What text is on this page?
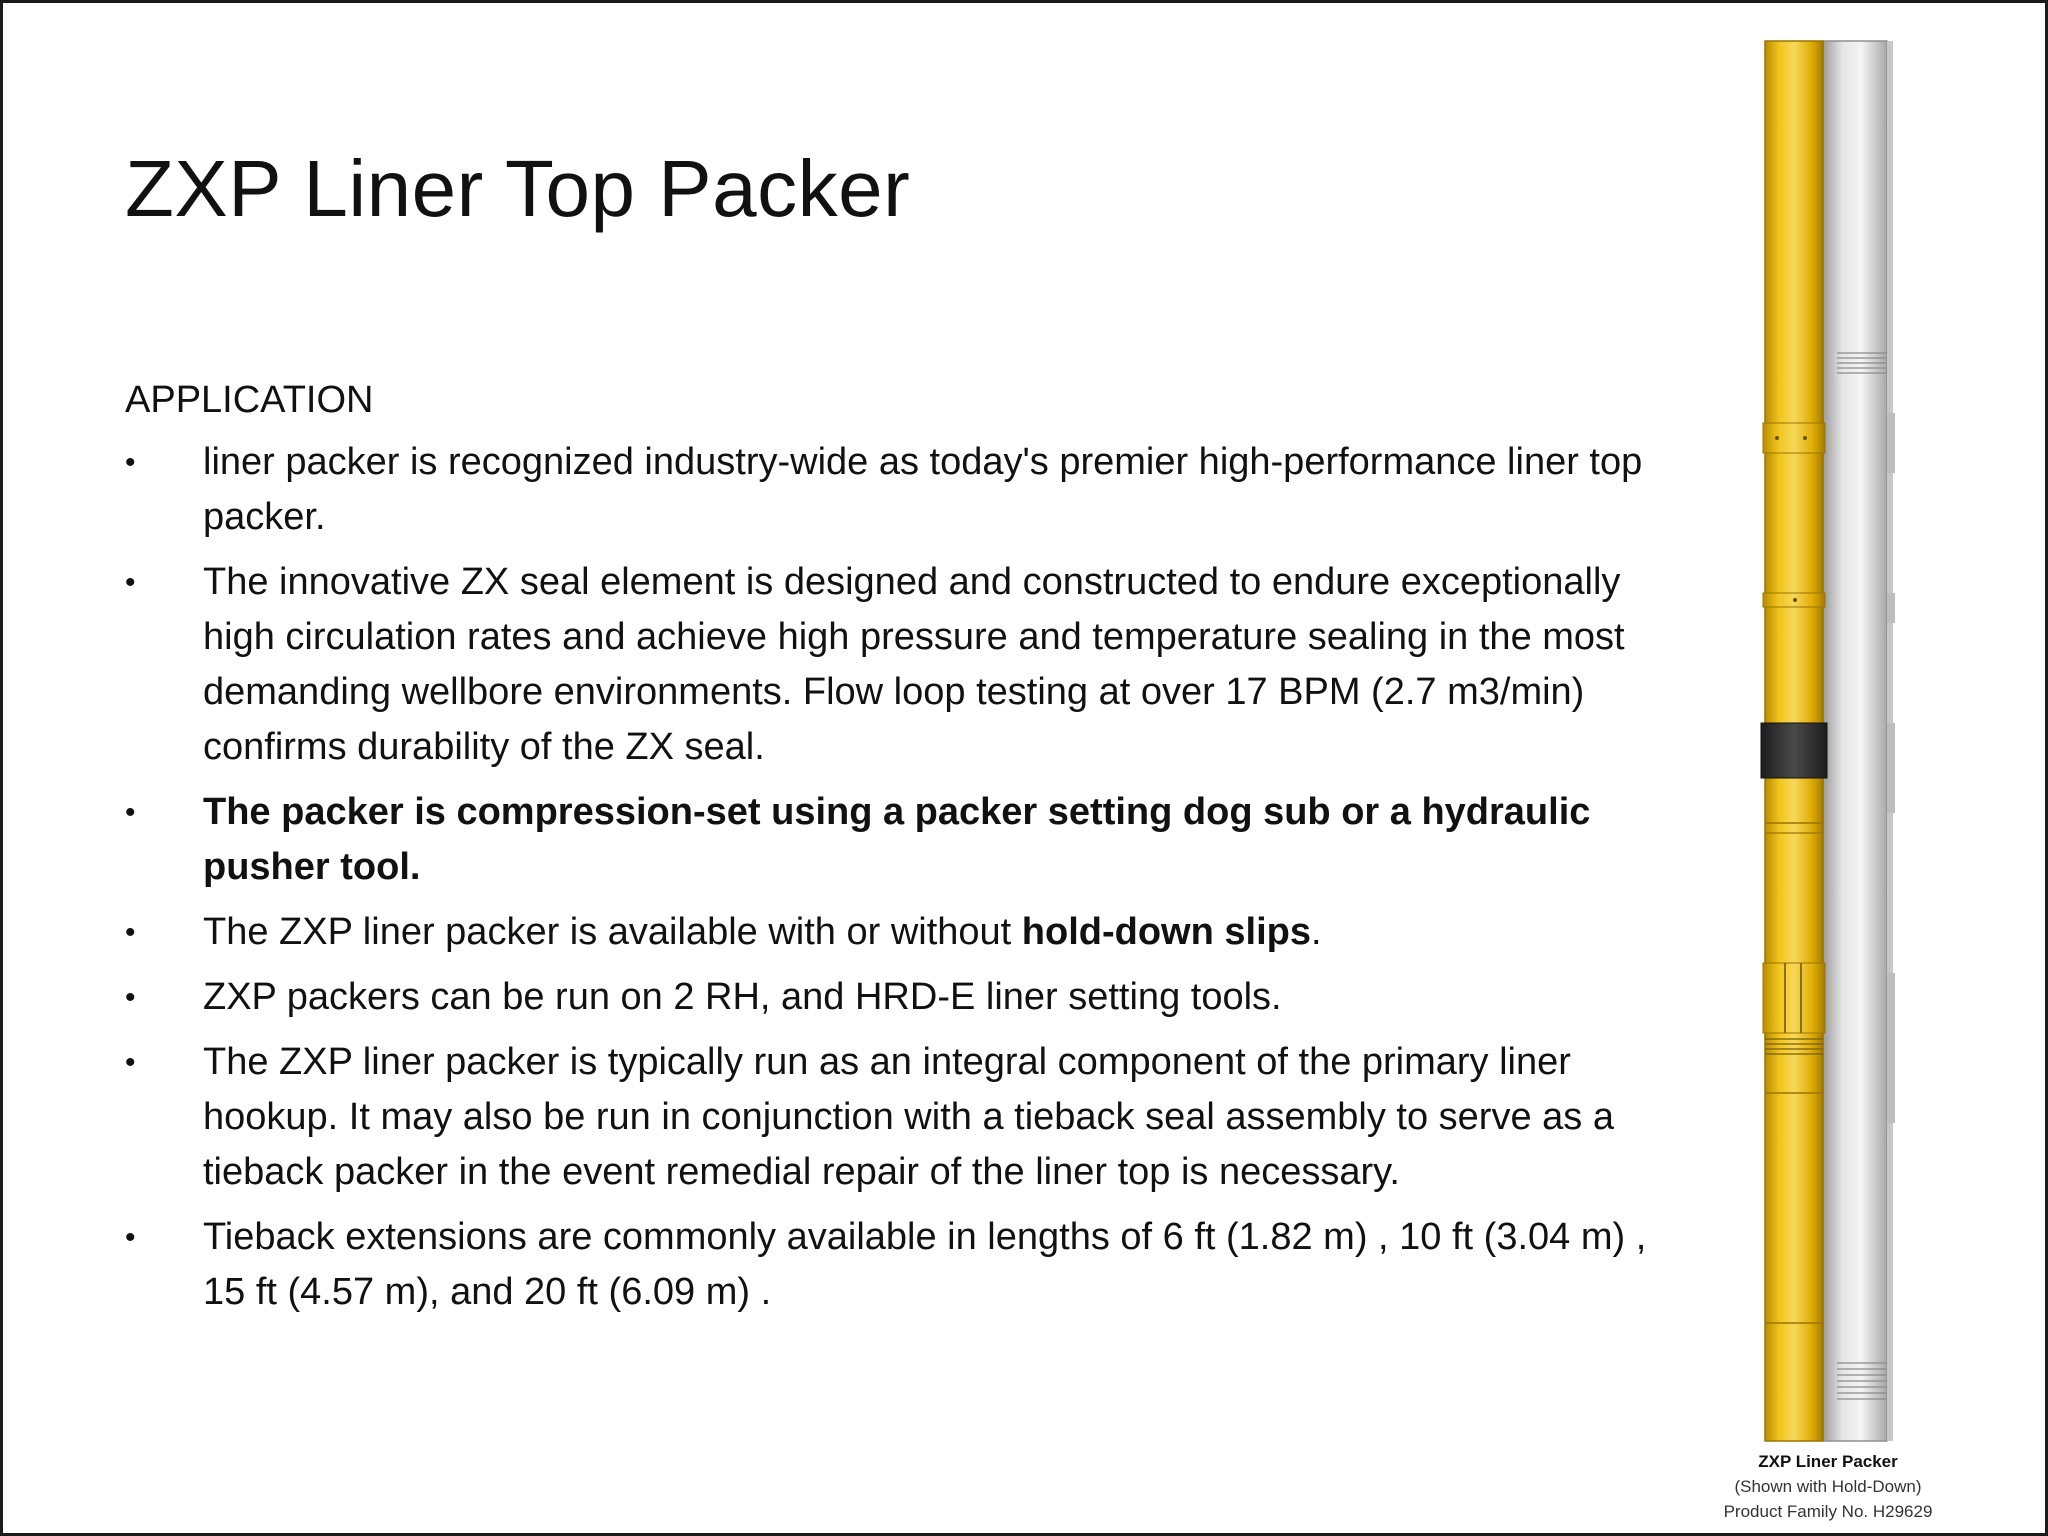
ZXP Liner Top Packer
APPLICATION
•	liner packer is recognized industry-wide as today's premier high-performance liner top packer.
•	The innovative ZX seal element is designed and constructed to endure exceptionally high circulation rates and achieve high pressure and temperature sealing in the most demanding wellbore environments. Flow loop testing at over 17 BPM (2.7 m3/min) confirms durability of the ZX seal.
•	The packer is compression-set using a packer setting dog sub or a hydraulic pusher tool.
•	The ZXP liner packer is available with or without hold-down slips.
•	ZXP packers can be run on 2 RH, and HRD-E liner setting tools.
•	The ZXP liner packer is typically run as an integral component of the primary liner hookup. It may also be run in conjunction with a tieback seal assembly to serve as a tieback packer in the event remedial repair of the liner top is necessary.
•	Tieback extensions are commonly available in lengths of 6 ft (1.82 m) , 10 ft (3.04 m) , 15 ft (4.57 m), and 20 ft (6.09 m) .
ZXP Liner Packer
(Shown with Hold-Down)
Product Family No. H29629
